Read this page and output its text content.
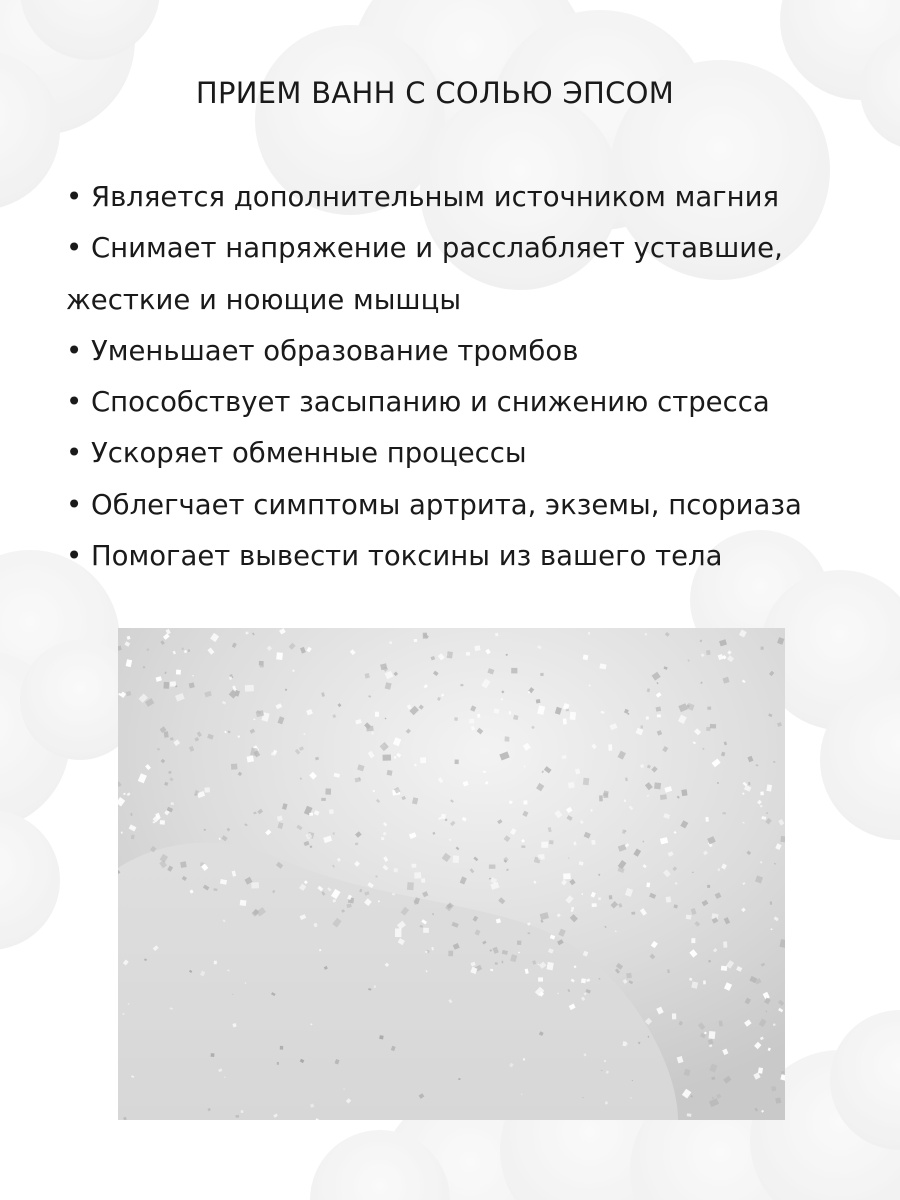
ПРИЕМ ВАНН С СОЛЬЮ ЭПСОМ
• Является дополнительным источником магния
• Снимает напряжение и расслабляет уставшие,
жесткие и ноющие мышцы
• Уменьшает образование тромбов
• Способствует засыпанию и снижению стресса
• Ускоряет обменные процессы
• Облегчает симптомы артрита, экземы, псориаза
• Помогает вывести токсины из вашего тела
